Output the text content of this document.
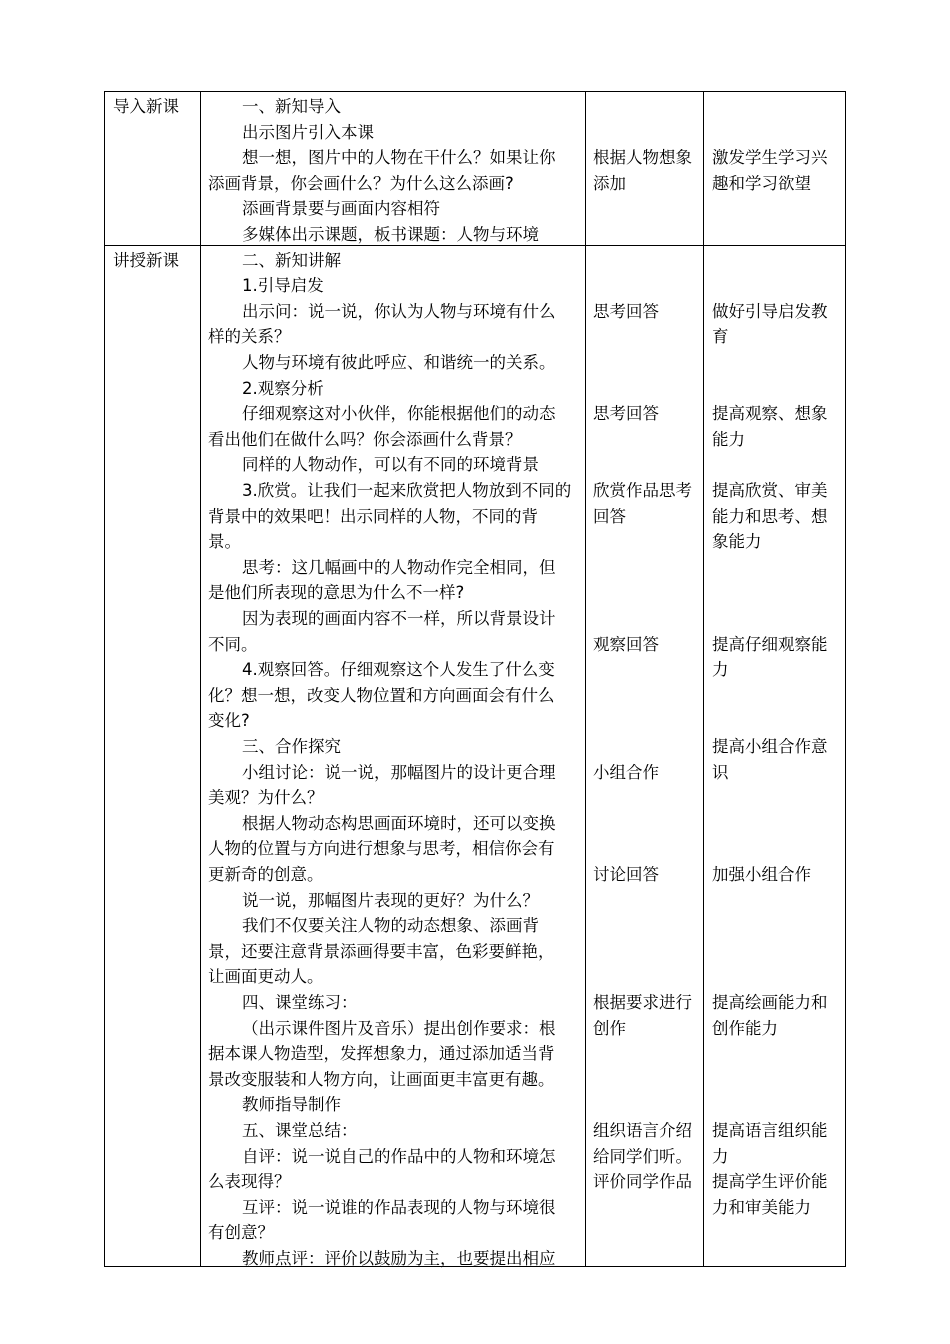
导入新课
讲授新课
一、新知导入
出示图片引入本课
想一想，图片中的人物在干什么？如果让你
添画背景，你会画什么？为什么这么添画?
添画背景要与画面内容相符
多媒体出示课题，板书课题：人物与环境
二、新知讲解
1.引导启发
出示问：说一说，你认为人物与环境有什么
样的关系？
人物与环境有彼此呼应、和谐统一的关系。
2.观察分析
仔细观察这对小伙伴，你能根据他们的动态
看出他们在做什么吗？你会添画什么背景？
同样的人物动作，可以有不同的环境背景
3.欣赏。让我们一起来欣赏把人物放到不同的
背景中的效果吧！出示同样的人物，不同的背
景。
思考：这几幅画中的人物动作完全相同，但
是他们所表现的意思为什么不一样?
因为表现的画面内容不一样，所以背景设计
不同。
4.观察回答。仔细观察这个人发生了什么变
化？想一想，改变人物位置和方向画面会有什么
变化?
三、合作探究
小组讨论：说一说，那幅图片的设计更合理
美观？为什么？
根据人物动态构思画面环境时，还可以变换
人物的位置与方向进行想象与思考，相信你会有
更新奇的创意。
说一说，那幅图片表现的更好？为什么？
我们不仅要关注人物的动态想象、添画背
景，还要注意背景添画得要丰富，色彩要鲜艳，
让画面更动人。
四、课堂练习：
（出示课件图片及音乐）提出创作要求：根
据本课人物造型，发挥想象力，通过添加适当背
景改变服装和人物方向，让画面更丰富更有趣。
教师指导制作
五、课堂总结：
自评：说一说自己的作品中的人物和环境怎
么表现得？
互评：说一说谁的作品表现的人物与环境很
有创意？
教师点评：评价以鼓励为主，也要提出相应
根据人物想象
添加
思考回答
思考回答
欣赏作品思考
回答
观察回答
小组合作
讨论回答
根据要求进行
创作
组织语言介绍
给同学们听。
评价同学作品
激发学生学习兴
趣和学习欲望
做好引导启发教
育
提高观察、想象
能力
提高欣赏、审美
能力和思考、想
象能力
提高仔细观察能
力
提高小组合作意
识
加强小组合作
提高绘画能力和
创作能力
提高语言组织能
力
提高学生评价能
力和审美能力
